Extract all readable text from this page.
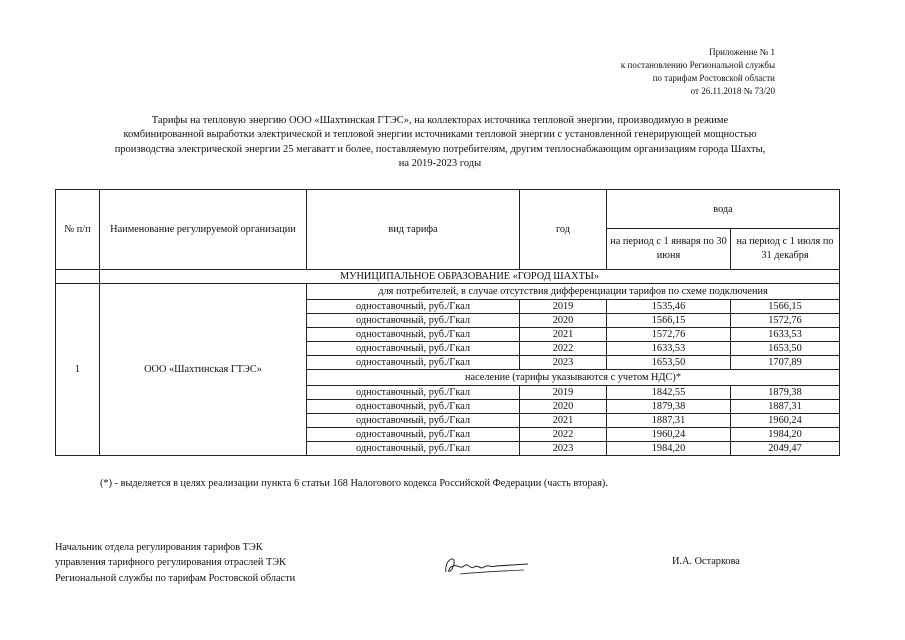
Приложение № 1
к постановлению Региональной службы
по тарифам Ростовской области
от 26.11.2018 № 73/20
Тарифы на тепловую энергию ООО «Шахтинская ГТЭС», на коллекторах источника тепловой энергии, производимую в режиме
комбинированной выработки электрической и тепловой энергии источниками тепловой энергии с установленной генерирующей мощностью
производства электрической энергии 25 мегаватт и более, поставляемую потребителям, другим теплоснабжающим организациям города Шахты,
на 2019-2023 годы
№ п/п	Наименование регулируемой организации	вид тарифа	год	вода	
				на период с 1 января по 30 июня	на период с 1 июля по 31 декабря
	МУНИЦИПАЛЬНОЕ ОБРАЗОВАНИЕ «ГОРОД ШАХТЫ»				
1	ООО «Шахтинская ГТЭС»	для потребителей, в случае отсутствия дифференциации тарифов по схеме подключения			
		одноставочный, руб./Гкал	2019	1535,46	1566,15
		одноставочный, руб./Гкал	2020	1566,15	1572,76
		одноставочный, руб./Гкал	2021	1572,76	1633,53
		одноставочный, руб./Гкал	2022	1633,53	1653,50
		одноставочный, руб./Гкал	2023	1653,50	1707,89
		население (тарифы указываются с учетом НДС)*			
		одноставочный, руб./Гкал	2019	1842,55	1879,38
		одноставочный, руб./Гкал	2020	1879,38	1887,31
		одноставочный, руб./Гкал	2021	1887,31	1960,24
		одноставочный, руб./Гкал	2022	1960,24	1984,20
		одноставочный, руб./Гкал	2023	1984,20	2049,47
(*) - выделяется в целях реализации пункта 6 статьи 168 Налогового кодекса Российской Федерации (часть вторая).
Начальник отдела регулирования тарифов ТЭК
управления тарифного регулирования отраслей ТЭК
Региональной службы по тарифам Ростовской области
И.А. Остаркова
